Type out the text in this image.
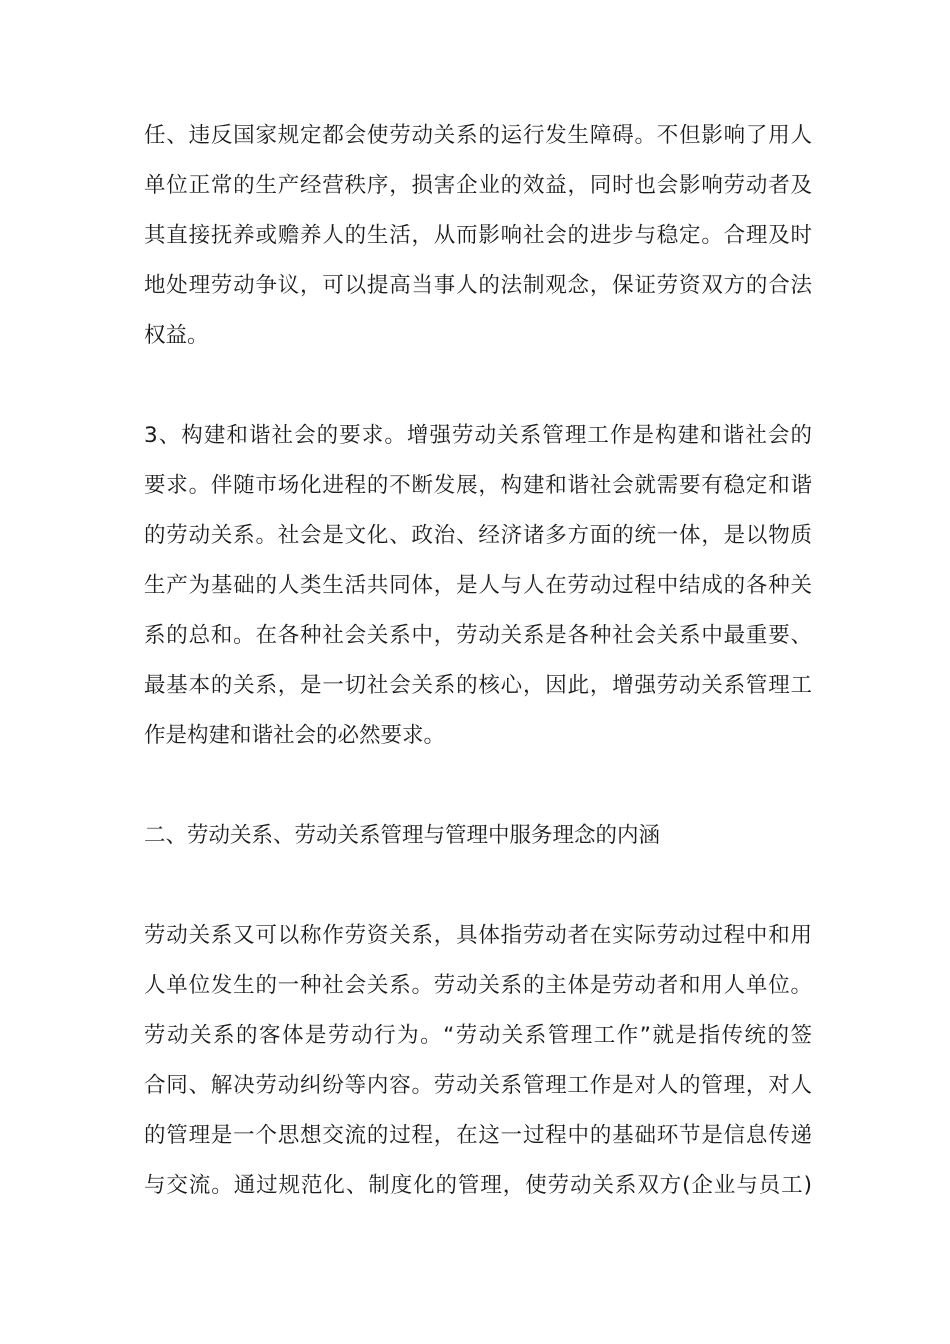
任、违反国家规定都会使劳动关系的运行发生障碍。不但影响了用人
单位正常的生产经营秩序，损害企业的效益，同时也会影响劳动者及
其直接抚养或赡养人的生活，从而影响社会的进步与稳定。合理及时
地处理劳动争议，可以提高当事人的法制观念，保证劳资双方的合法
权益。
3、构建和谐社会的要求。增强劳动关系管理工作是构建和谐社会的
要求。伴随市场化进程的不断发展，构建和谐社会就需要有稳定和谐
的劳动关系。社会是文化、政治、经济诸多方面的统一体，是以物质
生产为基础的人类生活共同体，是人与人在劳动过程中结成的各种关
系的总和。在各种社会关系中，劳动关系是各种社会关系中最重要、
最基本的关系，是一切社会关系的核心，因此，增强劳动关系管理工
作是构建和谐社会的必然要求。
二、劳动关系、劳动关系管理与管理中服务理念的内涵
劳动关系又可以称作劳资关系，具体指劳动者在实际劳动过程中和用
人单位发生的一种社会关系。劳动关系的主体是劳动者和用人单位。
劳动关系的客体是劳动行为。“劳动关系管理工作”就是指传统的签
合同、解决劳动纠纷等内容。劳动关系管理工作是对人的管理，对人
的管理是一个思想交流的过程，在这一过程中的基础环节是信息传递
与交流。通过规范化、制度化的管理，使劳动关系双方(企业与员工)
